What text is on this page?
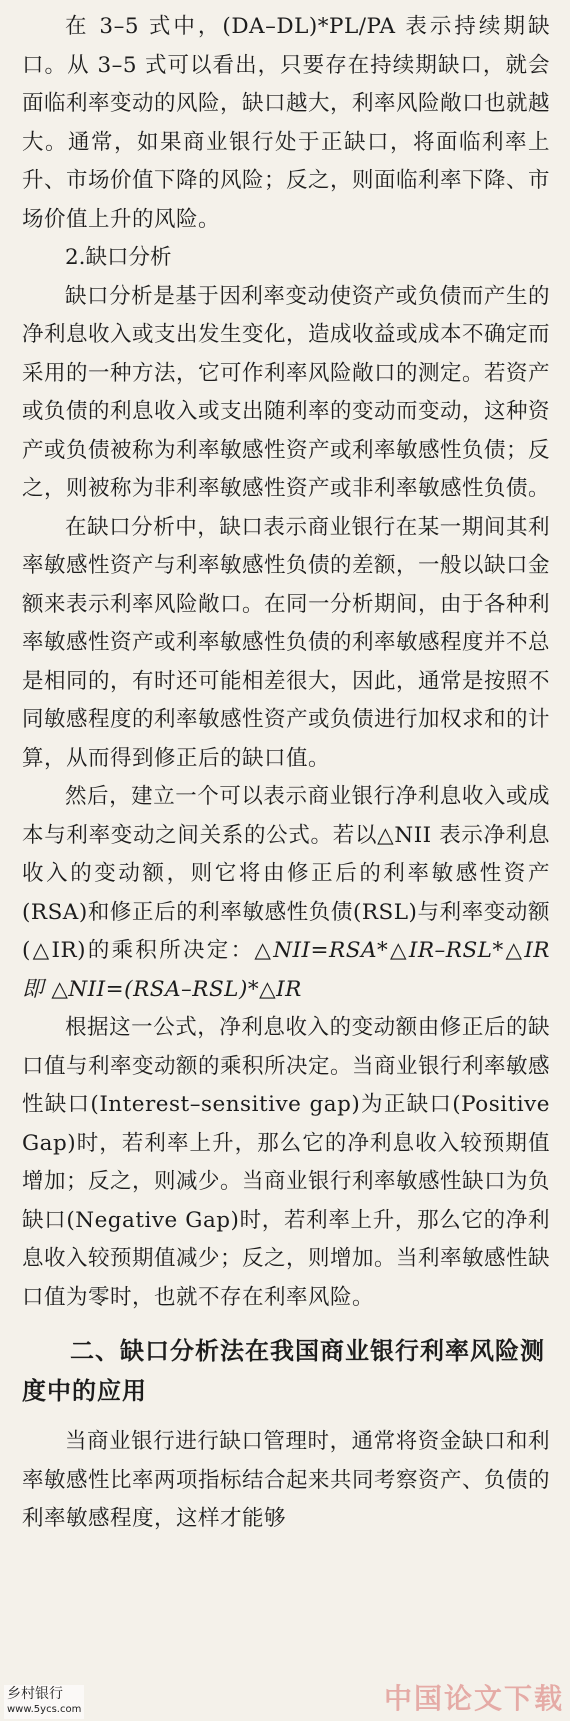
在 3–5 式中，(DA–DL)*PL/PA 表示持续期缺口。从 3–5 式可以看出，只要存在持续期缺口，就会面临利率变动的风险，缺口越大，利率风险敞口也就越大。通常，如果商业银行处于正缺口，将面临利率上升、市场价值下降的风险；反之，则面临利率下降、市场价值上升的风险。

2.缺口分析

缺口分析是基于因利率变动使资产或负债而产生的净利息收入或支出发生变化，造成收益或成本不确定而采用的一种方法，它可作利率风险敞口的测定。若资产或负债的利息收入或支出随利率的变动而变动，这种资产或负债被称为利率敏感性资产或利率敏感性负债；反之，则被称为非利率敏感性资产或非利率敏感性负债。

在缺口分析中，缺口表示商业银行在某一期间其利率敏感性资产与利率敏感性负债的差额，一般以缺口金额来表示利率风险敞口。在同一分析期间，由于各种利率敏感性资产或利率敏感性负债的利率敏感程度并不总是相同的，有时还可能相差很大，因此，通常是按照不同敏感程度的利率敏感性资产或负债进行加权求和的计算，从而得到修正后的缺口值。

然后，建立一个可以表示商业银行净利息收入或成本与利率变动之间关系的公式。若以△NII 表示净利息收入的变动额，则它将由修正后的利率敏感性资产(RSA)和修正后的利率敏感性负债(RSL)与利率变动额(△IR)的乘积所决定：△NII=RSA*△IR–RSL*△IR 即 △NII=(RSA–RSL)*△IR

根据这一公式，净利息收入的变动额由修正后的缺口值与利率变动额的乘积所决定。当商业银行利率敏感性缺口(Interest–sensitive gap)为正缺口(Positive Gap)时，若利率上升，那么它的净利息收入较预期值增加；反之，则减少。当商业银行利率敏感性缺口为负缺口(Negative Gap)时，若利率上升，那么它的净利息收入较预期值减少；反之，则增加。当利率敏感性缺口值为零时，也就不存在利率风险。

二、缺口分析法在我国商业银行利率风险测度中的应用

当商业银行进行缺口管理时，通常将资金缺口和利率敏感性比率两项指标结合起来共同考察资产、负债的利率敏感程度，这样才能够

中国论文下载
乡村银行
www.5ycs.com
